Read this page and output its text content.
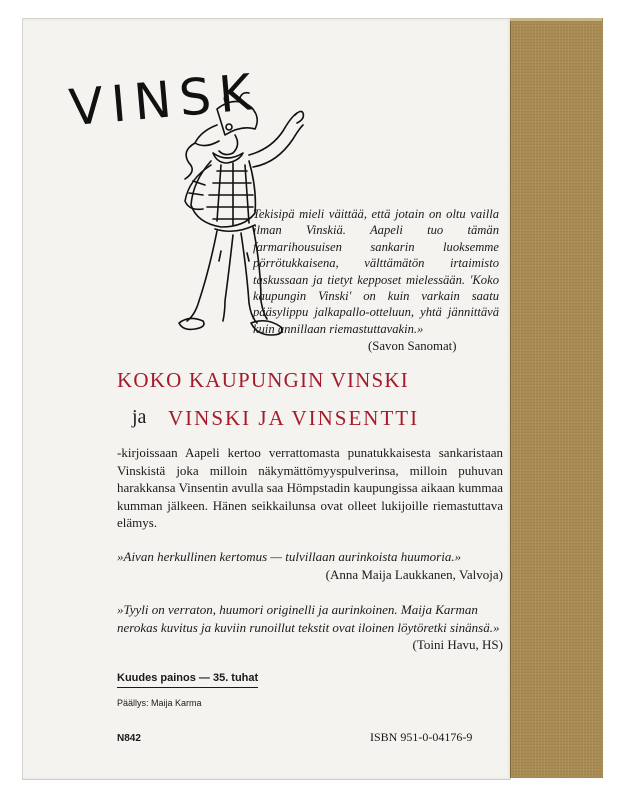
VINSK
Tekisipä mieli väittää, että jotain on oltu vailla ilman Vinskiä. Aapeli tuo tämän farmarihousuisen sankarin luoksemme pörrötukkaisena, välttämätön irtaimisto taskussaan ja tietyt kepposet mielessään. 'Koko kaupungin Vinski' on kuin varkain saatu pääsylippu jalkapallo-otteluun, yhtä jännittävä kuin annillaan riemastuttavakin.»
(Savon Sanomat)
KOKO KAUPUNGIN VINSKI
ja VINSKI JA VINSENTTI
-kirjoissaan Aapeli kertoo verrattomasta punatukkaisesta sankaristaan Vinskistä joka milloin näkymättömyyspulverinsa, milloin puhuvan harakkansa Vinsentin avulla saa Hömpstadin kaupungissa aikaan kummaa kumman jälkeen. Hänen seikkailunsa ovat olleet lukijoille riemastuttava elämys.
»Aivan herkullinen kertomus — tulvillaan aurinkoista huumoria.»
(Anna Maija Laukkanen, Valvoja)
»Tyyli on verraton, huumori originelli ja aurinkoinen. Maija Karman nerokas kuvitus ja kuviin runoillut tekstit ovat iloinen löytöretki sinänsä.»
(Toini Havu, HS)
Kuudes painos — 35. tuhat
Päällys: Maija Karma
N842	ISBN 951-0-04176-9
